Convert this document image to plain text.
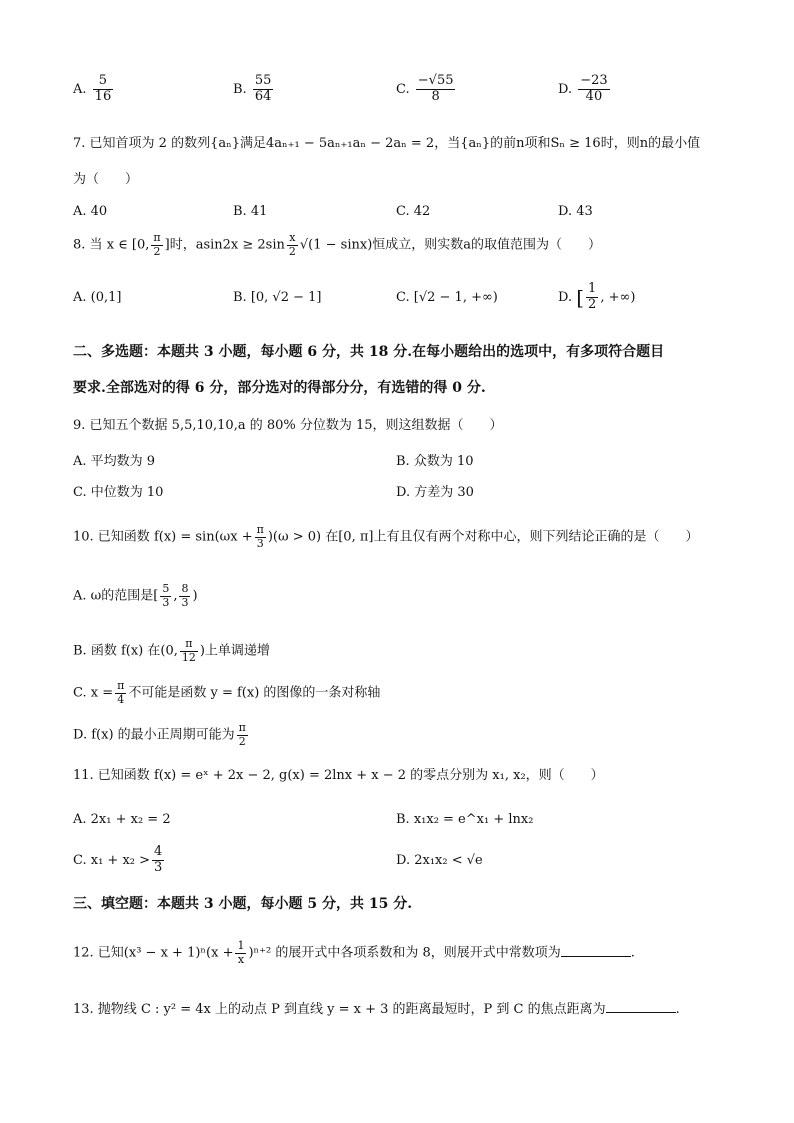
A. $\frac{5}{16}$	B. $\frac{55}{64}$	C. $\frac{-√55}{8}$	D. $\frac{-23}{40}$
7. 已知首项为 2 的数列{aₙ}满足4aₙ₊₁ − 5aₙ₊₁aₙ − 2aₙ = 2，当{aₙ}的前n项和Sₙ ≥ 16时，则n的最小值
为（　　）
A. 40	B. 41	C. 42	D. 43
8. 当 x ∈ [0, $\frac{\pi}{2}$ ]时，$asin2x \ge 2\sin \frac{x}{2} √(1 - \sin x)$恒成立，则实数a的取值范围为（　　）
A. (0,1]	B. [0, √2 − 1]	C. [√2 − 1, +∞)	D. [ $\frac{1}{2}$ , +∞)
二、多选题：本题共 3 小题，每小题 6 分，共 18 分.在每小题给出的选项中，有多项符合题目
要求.全部选对的得 6 分，部分选对的得部分分，有选错的得 0 分.
9. 已知五个数据 5,5,10,10,a 的 80% 分位数为 15，则这组数据（　　）
A. 平均数为 9	B. 众数为 10
C. 中位数为 10	D. 方差为 30
10. 已知函数 $f(x) = \sin(\omega x + \frac{\pi}{3} )(\omega > 0)$ 在[0, π]上有且仅有两个对称中心，则下列结论正确的是（　　）
A. ω的范围是[ $\frac{5}{3}$ , $\frac{8}{3}$ )
B. 函数 f(x) 在(0, $\frac{\pi}{12}$ )上单调递增
C. $x = \frac{\pi}{4}$ 不可能是函数 y = f(x) 的图像的一条对称轴
D. f(x) 的最小正周期可能为 $\frac{\pi}{2}$
11. 已知函数 f(x) = eˣ + 2x − 2, g(x) = 2lnx + x − 2 的零点分别为 x₁, x₂，则（　　）
A. 2x₁ + x₂ = 2	B. x₁x₂ = e^x₁ + lnx₂
C. $x_1 + x_2 > \frac{4}{3}$	D. 2x₁x₂ < √e
三、填空题：本题共 3 小题，每小题 5 分，共 15 分.
12. 已知$(x^3 - x + 1)^n(x + \frac{1}{x} )^{n+2}$ 的展开式中各项系数和为 8，则展开式中常数项为	.
13. 抛物线 C : y² = 4x 上的动点 P 到直线 y = x + 3 的距离最短时，P 到 C 的焦点距离为	.
